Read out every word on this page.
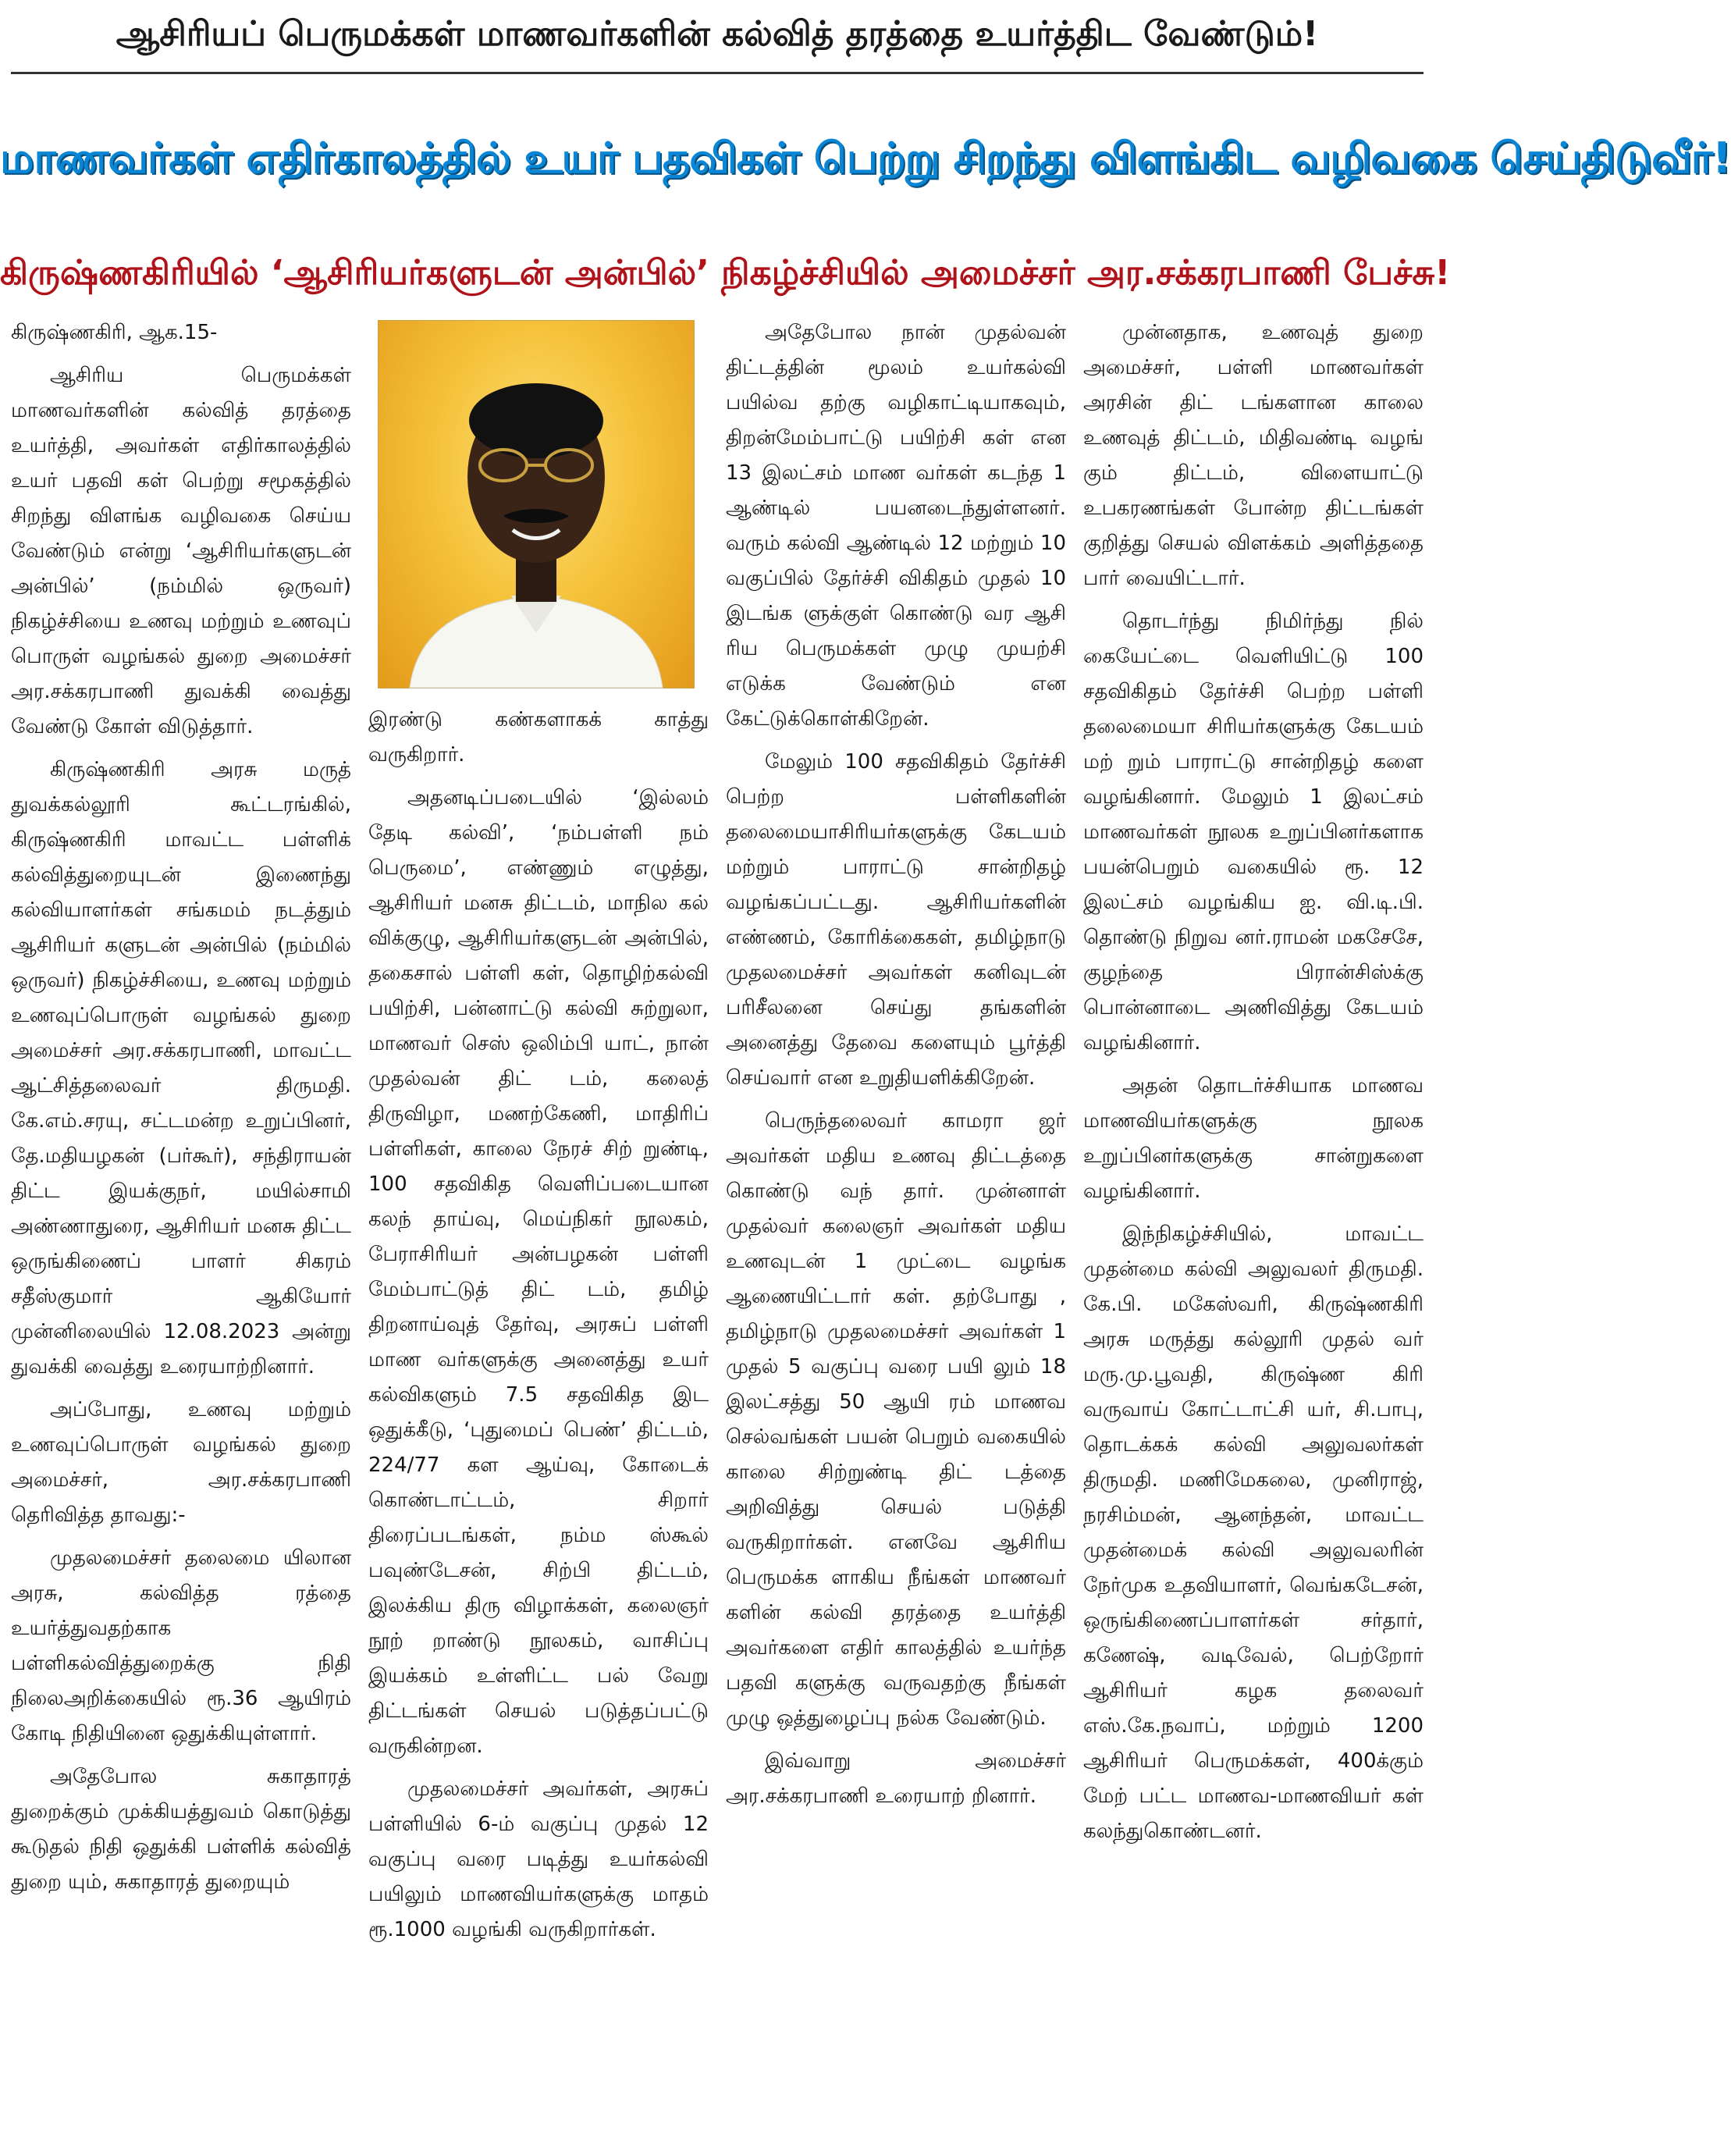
ஆசிரியப் பெருமக்கள் மாணவர்களின் கல்வித் தரத்தை உயர்த்திட வேண்டும்!
மாணவர்கள் எதிர்காலத்தில் உயர் பதவிகள் பெற்று சிறந்து விளங்கிட வழிவகை செய்திடுவீர்!
கிருஷ்ணகிரியில் ‘ஆசிரியர்களுடன் அன்பில்’ நிகழ்ச்சியில் அமைச்சர் அர.சக்கரபாணி பேச்சு!

கிருஷ்ணகிரி, ஆக.15-

ஆசிரிய பெருமக்கள் மாணவர்களின் கல்வித் தரத்தை உயர்த்தி, அவர்கள் எதிர்காலத்தில் உயர் பதவி கள் பெற்று சமூகத்தில் சிறந்து விளங்க வழிவகை செய்ய வேண்டும் என்று ‘ஆசிரியர்களுடன் அன்பில்’ (நம்மில் ஒருவர்) நிகழ்ச்சியை உணவு மற்றும் உணவுப் பொருள் வழங்கல் துறை அமைச்சர் அர.சக்கரபாணி துவக்கி வைத்து வேண்டு கோள் விடுத்தார்.

கிருஷ்ணகிரி அரசு மருத் துவக்கல்லூரி கூட்டரங்கில், கிருஷ்ணகிரி மாவட்ட பள்ளிக் கல்வித்துறையுடன் இணைந்து கல்வியாளர்கள் சங்கமம் நடத்தும் ஆசிரியர் களுடன் அன்பில் (நம்மில் ஒருவர்) நிகழ்ச்சியை, உணவு மற்றும் உணவுப்பொருள் வழங்கல் துறை அமைச்சர் அர.சக்கரபாணி, மாவட்ட ஆட்சித்தலைவர் திருமதி. கே.எம்.சரயு, சட்டமன்ற உறுப்பினர், தே.மதியழகன் (பர்கூர்), சந்திராயன் திட்ட இயக்குநர், மயில்சாமி அண்ணாதுரை, ஆசிரியர் மனசு திட்ட ஒருங்கிணைப் பாளர் சிகரம் சதீஸ்குமார் ஆகியோர் முன்னிலையில் 12.08.2023 அன்று துவக்கி வைத்து உரையாற்றினார்.

அப்போது, உணவு மற்றும் உணவுப்பொருள் வழங்கல் துறை அமைச்சர், அர.சக்கரபாணி தெரிவித்த தாவது:-

முதலமைச்சர் தலைமை யிலான அரசு, கல்வித்த ரத்தை உயர்த்துவதற்காக பள்ளிகல்வித்துறைக்கு நிதி நிலைஅறிக்கையில் ரூ.36 ஆயிரம் கோடி நிதியினை ஒதுக்கியுள்ளார்.

அதேபோல சுகாதாரத் துறைக்கும் முக்கியத்துவம் கொடுத்து கூடுதல் நிதி ஒதுக்கி பள்ளிக் கல்வித் துறை யும், சுகாதாரத் துறையும்

இரண்டு கண்களாகக் காத்து வருகிறார்.

அதனடிப்படையில் ‘இல்லம் தேடி கல்வி’, ‘நம்பள்ளி நம் பெருமை’, எண்ணும் எழுத்து, ஆசிரியர் மனசு திட்டம், மாநில கல் விக்குழு, ஆசிரியர்களுடன் அன்பில், தகைசால் பள்ளி கள், தொழிற்கல்வி பயிற்சி, பன்னாட்டு கல்வி சுற்றுலா, மாணவர் செஸ் ஒலிம்பி யாட், நான் முதல்வன் திட் டம், கலைத் திருவிழா, மணற்கேணி, மாதிரிப் பள்ளிகள், காலை நேரச் சிற் றுண்டி, 100 சதவிகித வெளிப்படையான கலந் தாய்வு, மெய்நிகர் நூலகம், பேராசிரியர் அன்பழகன் பள்ளி மேம்பாட்டுத் திட் டம், தமிழ் திறனாய்வுத் தேர்வு, அரசுப் பள்ளி மாண வர்களுக்கு அனைத்து உயர் கல்விகளும் 7.5 சதவிகித இட ஒதுக்கீடு, ‘புதுமைப் பெண்’ திட்டம், 224/77 கள ஆய்வு, கோடைக் கொண்டாட்டம், சிறார் திரைப்படங்கள், நம்ம ஸ்கூல் பவுண்டேசன், சிற்பி திட்டம், இலக்கிய திரு விழாக்கள், கலைஞர் நூற் றாண்டு நூலகம், வாசிப்பு இயக்கம் உள்ளிட்ட பல் வேறு திட்டங்கள் செயல் படுத்தப்பட்டு வருகின்றன.

முதலமைச்சர் அவர்கள், அரசுப் பள்ளியில் 6-ம் வகுப்பு முதல் 12 வகுப்பு வரை படித்து உயர்கல்வி பயிலும் மாணவியர்களுக்கு மாதம் ரூ.1000 வழங்கி வருகிறார்கள்.

அதேபோல நான் முதல்வன் திட்டத்தின் மூலம் உயர்கல்வி பயில்வ தற்கு வழிகாட்டியாகவும், திறன்மேம்பாட்டு பயிற்சி கள் என 13 இலட்சம் மாண வர்கள் கடந்த 1 ஆண்டில் பயனடைந்துள்ளனர். வரும் கல்வி ஆண்டில் 12 மற்றும் 10 வகுப்பில் தேர்ச்சி விகிதம் முதல் 10 இடங்க ளுக்குள் கொண்டு வர ஆசி ரிய பெருமக்கள் முழு முயற்சி எடுக்க வேண்டும் என கேட்டுக்கொள்கிறேன்.

மேலும் 100 சதவிகிதம் தேர்ச்சி பெற்ற பள்ளிகளின் தலைமையாசிரியர்களுக்கு கேடயம் மற்றும் பாராட்டு சான்றிதழ் வழங்கப்பட்டது. ஆசிரியர்களின் எண்ணம், கோரிக்கைகள், தமிழ்நாடு முதலமைச்சர் அவர்கள் கனிவுடன் பரிசீலனை செய்து தங்களின் அனைத்து தேவை களையும் பூர்த்தி செய்வார் என உறுதியளிக்கிறேன்.

பெருந்தலைவர் காமரா ஜர் அவர்கள் மதிய உணவு திட்டத்தை கொண்டு வந் தார். முன்னாள் முதல்வர் கலைஞர் அவர்கள் மதிய உணவுடன் 1 முட்டை வழங்க ஆணையிட்டார் கள். தற்போது , தமிழ்நாடு முதலமைச்சர் அவர்கள் 1 முதல் 5 வகுப்பு வரை பயி லும் 18 இலட்சத்து 50 ஆயி ரம் மாணவ செல்வங்கள் பயன் பெறும் வகையில் காலை சிற்றுண்டி திட் டத்தை அறிவித்து செயல் படுத்தி வருகிறார்கள். எனவே ஆசிரிய பெருமக்க ளாகிய நீங்கள் மாணவர் களின் கல்வி தரத்தை உயர்த்தி அவர்களை எதிர் காலத்தில் உயர்ந்த பதவி களுக்கு வருவதற்கு நீங்கள் முழு ஒத்துழைப்பு நல்க வேண்டும்.

இவ்வாறு அமைச்சர் அர.சக்கரபாணி உரையாற் றினார்.

முன்னதாக, உணவுத் துறை அமைச்சர், பள்ளி மாணவர்கள் அரசின் திட் டங்களான காலை உணவுத் திட்டம், மிதிவண்டி வழங் கும் திட்டம், விளையாட்டு உபகரணங்கள் போன்ற திட்டங்கள் குறித்து செயல் விளக்கம் அளித்ததை பார் வையிட்டார்.

தொடர்ந்து நிமிர்ந்து நில் கையேட்டை வெளியிட்டு 100 சதவிகிதம் தேர்ச்சி பெற்ற பள்ளி தலைமையா சிரியர்களுக்கு கேடயம் மற் றும் பாராட்டு சான்றிதழ் களை வழங்கினார். மேலும் 1 இலட்சம் மாணவர்கள் நூலக உறுப்பினர்களாக பயன்பெறும் வகையில் ரூ. 12 இலட்சம் வழங்கிய ஐ. வி.டி.பி. தொண்டு நிறுவ னர்.ராமன் மகசேசே, குழந்தை பிரான்சிஸ்க்கு பொன்னாடை அணிவித்து கேடயம் வழங்கினார்.

அதன் தொடர்ச்சியாக மாணவ மாணவியர்களுக்கு நூலக உறுப்பினர்களுக்கு சான்றுகளை வழங்கினார்.

இந்நிகழ்ச்சியில், மாவட்ட முதன்மை கல்வி அலுவலர் திருமதி. கே.பி. மகேஸ்வரி, கிருஷ்ணகிரி அரசு மருத்து கல்லூரி முதல் வர் மரு.மு.பூவதி, கிருஷ்ண கிரி வருவாய் கோட்டாட்சி யர், சி.பாபு, தொடக்கக் கல்வி அலுவலர்கள் திருமதி. மணிமேகலை, முனிராஜ், நரசிம்மன், ஆனந்தன், மாவட்ட முதன்மைக் கல்வி அலுவலரின் நேர்முக உதவியாளர், வெங்கடேசன், ஒருங்கிணைப்பாளர்கள் சர்தார், கணேஷ், வடிவேல், பெற்றோர் ஆசிரியர் கழக தலைவர் எஸ்.கே.நவாப், மற்றும் 1200 ஆசிரியர் பெருமக்கள், 400க்கும் மேற் பட்ட மாணவ-மாணவியர் கள் கலந்துகொண்டனர்.
